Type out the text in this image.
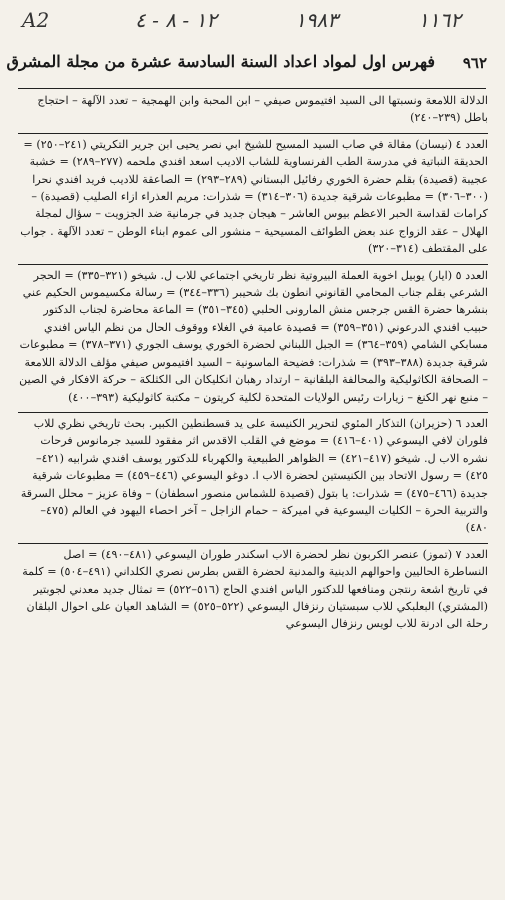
A2	١٢ - ٨ - ٤	١٩٨٣	١١٦٢
٩٦٢
فهرس اول لمواد اعداد السنة السادسة عشرة من مجلة المشرق

الدلالة اللامعة ونسبتها الى السيد افتيموس صيفي – ابن المحبة وابن الهمجية – تعدد الآلهة – احتجاج باطل (٢٣٩–٢٤٠)

العدد ٤ (نيسان) مقالة في صاب السيد المسيح للشيخ ابي نصر يحيى ابن جرير التكريتي (٢٤١–٢٥٠) = الحديقة النباتية في مدرسة الطب الفرنساوية للشاب الاديب اسعد افندي ملحمه (٢٧٧–٢٨٩) = خشبة عجيبة (قصيدة) بقلم حضرة الخوري رفائيل البستاني (٢٨٩–٢٩٣) = الصاعقة للاديب فريد افندي نحرا (٣٠٠–٣٠٦) = مطبوعات شرقية جديدة (٣٠٦–٣١٤) = شذرات: مريم العذراء ازاء الصليب (قصيدة) – كرامات لقداسة الحبر الاعظم بيوس العاشر – هيجان جديد في جرمانية ضد الجزويت – سؤال لمجلة الهلال – عقد الزواج عند بعض الطوائف المسيحية – منشور الى عموم ابناء الوطن – تعدد الآلهة . جواب على المقتطف (٣١٤–٣٢٠)

العدد ٥ (ايار) يوبيل اخوية العملة البيروتية نظر تاريخي اجتماعي للاب ل. شيخو (٣٢١–٣٣٥) = الحجر الشرعي بقلم جناب المحامي القانوني انطون بك شحيبر (٣٣٦–٣٤٤) = رسالة مكسيموس الحكيم عني بنشرها حضرة القس جرجس منش المارونى الحلبي (٣٤٥–٣٥١) = الماعة محاضرة لجناب الدكتور حبيب افندي الدرعوني (٣٥١–٣٥٩) = قصيدة عامية في الغلاء ووقوف الحال من نظم الياس افندي مسابكي الشامي (٣٥٩–٣٦٤) = الجبل اللبناني لحضرة الخوري يوسف الجوري (٣٧١–٣٧٨) = مطبوعات شرقية جديدة (٣٨٨–٣٩٣) = شذرات: فضيحة الماسونية – السيد افتيموس صيفي مؤلف الدلالة اللامعة – الصحافة الكاثوليكية والمحالفة البلقانية – ارتداد رهبان انكليكان الى الكثلكة – حركة الافكار في الصين – منبع نهر الكنغ – زيارات رئيس الولايات المتحدة لكلية كريتون – مكتبة كاثوليكية (٣٩٣–٤٠٠)

العدد ٦ (حزيران) التذكار المئوي لتحرير الكنيسة على يد قسطنطين الكبير. بحث تاريخي نظري للاب فلوران لافي اليسوعي (٤٠١–٤١٦) = موضع في القلب الاقدس اثر مفقود للسيد جرمانوس فرحات نشره الاب ل. شيخو (٤١٧–٤٢١) = الظواهر الطبيعية والكهرباء للدكتور يوسف افندي شرابيه (٤٢١–٤٢٥) = رسول الاتحاد بين الكنيستين لحضرة الاب ا. دوغو اليسوعي (٤٤٦–٤٥٩) = مطبوعات شرقية جديدة (٤٦٦–٤٧٥) = شذرات: يا بتول (قصيدة للشماس منصور اسطفان) – وفاة عزيز – محلل السرقة والتربية الحرة – الكليات اليسوعية في اميركة – حمام الزاجل – آخر احصاء اليهود في العالم (٤٧٥–٤٨٠)

العدد ٧ (تموز) عنصر الكربون نظر لحضرة الاب اسكندر طوران اليسوعي (٤٨١–٤٩٠) = اصل النساطرة الحاليين واحوالهم الدينية والمدنية لحضرة القس بطرس نصري الكلداني (٤٩١–٥٠٤) = كلمة في تاريخ اشعة رنتجن ومنافعها للدكتور الياس افندي الحاج (٥١٦–٥٢٢) = تمثال جديد معدني لجوبتير (المشتري) البعلبكي للاب سبستيان رنزفال اليسوعي (٥٢٢–٥٢٥) = الشاهد العيان على احوال البلقان رحلة الى ادرنة للاب لويس رنزفال اليسوعي
